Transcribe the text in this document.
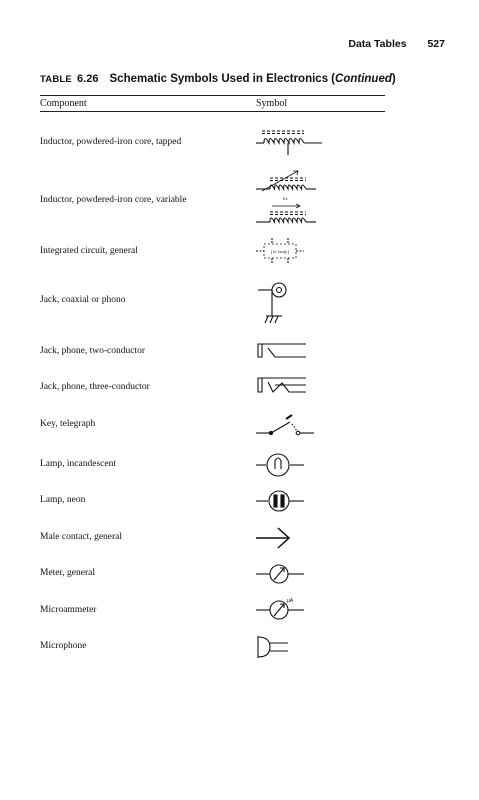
Data Tables 527
TABLE 6.26 Schematic Symbols Used in Electronics (Continued)
Component	Symbol
Inductor, powdered-iron core, tapped
Inductor, powdered-iron core, variable
Integrated circuit, general
Jack, coaxial or phono
Jack, phone, two-conductor
Jack, phone, three-conductor
Key, telegraph
Lamp, incandescent
Lamp, neon
Male contact, general
Meter, general
Microammeter
Microphone
Ex
[ IC body ]
µA
